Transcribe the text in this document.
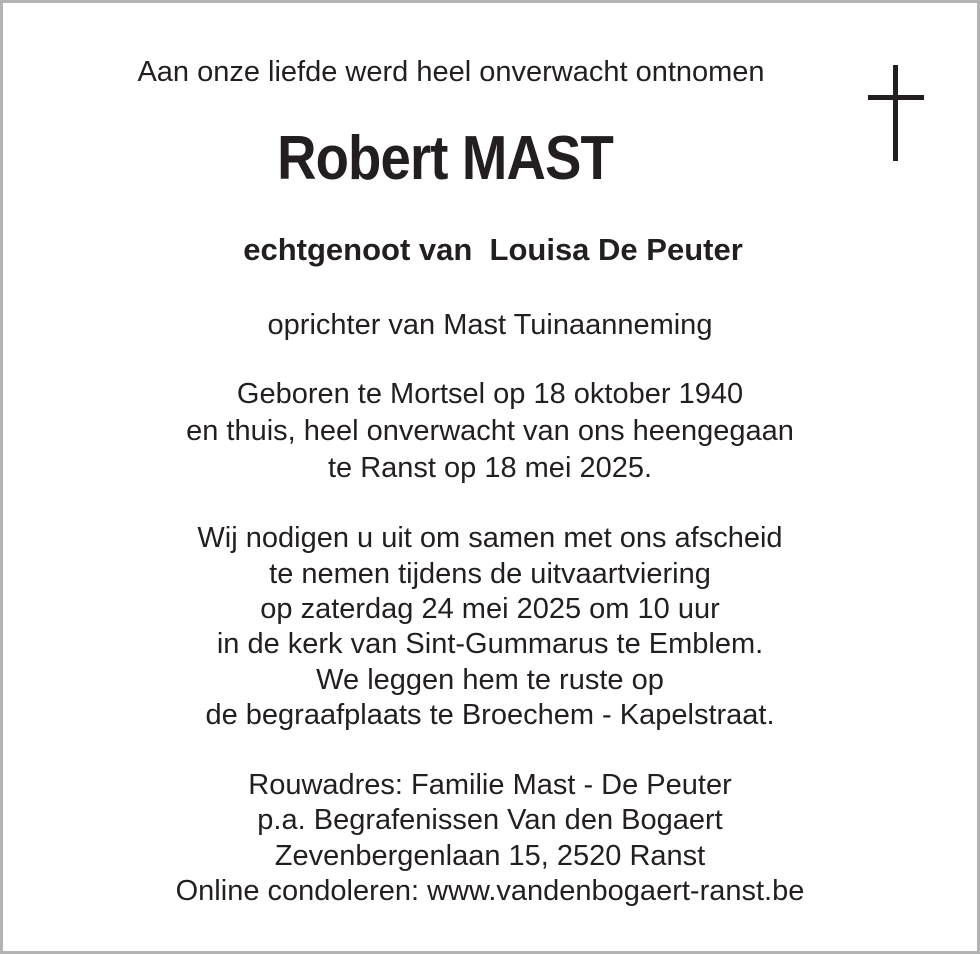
Aan onze liefde werd heel onverwacht ontnomen
Robert MAST
echtgenoot van  Louisa De Peuter
oprichter van Mast Tuinaanneming
Geboren te Mortsel op 18 oktober 1940
en thuis, heel onverwacht van ons heengegaan
te Ranst op 18 mei 2025.
Wij nodigen u uit om samen met ons afscheid
te nemen tijdens de uitvaartviering
op zaterdag 24 mei 2025 om 10 uur
in de kerk van Sint-Gummarus te Emblem.
We leggen hem te ruste op
de begraafplaats te Broechem - Kapelstraat.
Rouwadres: Familie Mast - De Peuter
p.a. Begrafenissen Van den Bogaert
Zevenbergenlaan 15, 2520 Ranst
Online condoleren: www.vandenbogaert-ranst.be
